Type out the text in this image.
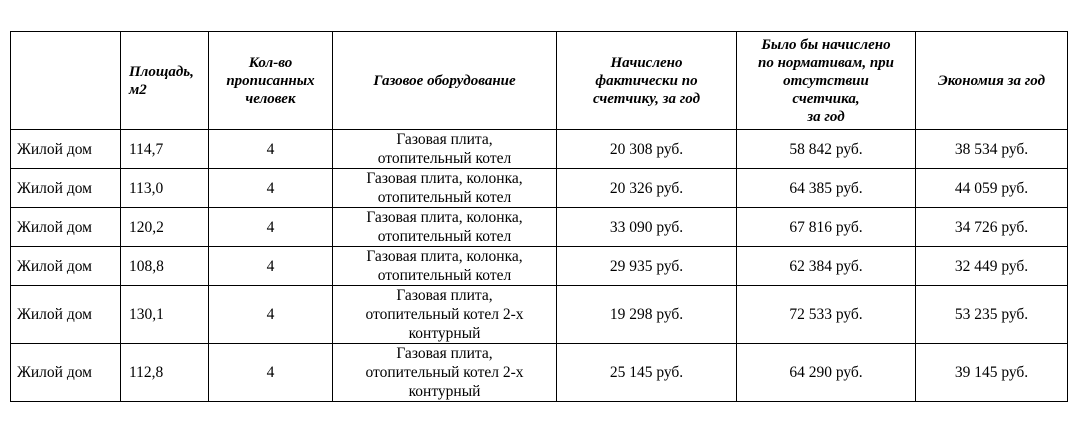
	Площадь,
м2	Кол-во
прописанных
человек	Газовое оборудование	Начислено
фактически по
счетчику, за год	Было бы начислено
по нормативам, при
отсутствии
счетчика,
за год	Экономия за год

Жилой дом	114,7	4	Газовая плита,
отопительный котел	20 308 руб.	58 842 руб.	38 534 руб.
Жилой дом	113,0	4	Газовая плита, колонка,
отопительный котел	20 326 руб.	64 385 руб.	44 059 руб.
Жилой дом	120,2	4	Газовая плита, колонка,
отопительный котел	33 090 руб.	67 816 руб.	34 726 руб.
Жилой дом	108,8	4	Газовая плита, колонка,
отопительный котел	29 935 руб.	62 384 руб.	32 449 руб.
Жилой дом	130,1	4	Газовая плита,
отопительный котел 2-х
контурный	19 298 руб.	72 533 руб.	53 235 руб.
Жилой дом	112,8	4	Газовая плита,
отопительный котел 2-х
контурный	25 145 руб.	64 290 руб.	39 145 руб.
